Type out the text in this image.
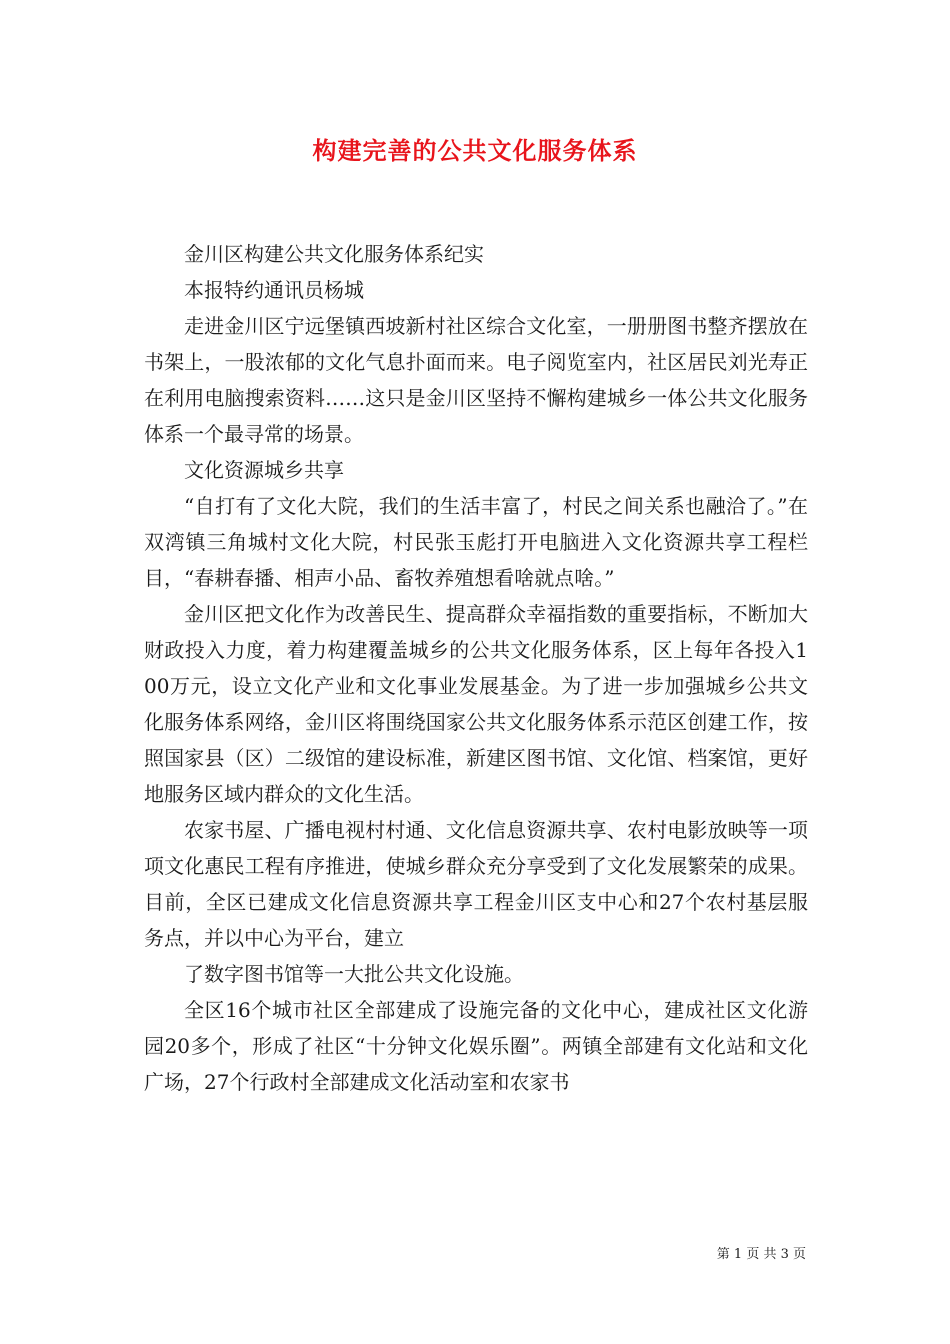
构建完善的公共文化服务体系

金川区构建公共文化服务体系纪实

本报特约通讯员杨城

走进金川区宁远堡镇西坡新村社区综合文化室，一册册图书整齐摆放在书架上，一股浓郁的文化气息扑面而来。电子阅览室内，社区居民刘光寿正在利用电脑搜索资料……这只是金川区坚持不懈构建城乡一体公共文化服务体系一个最寻常的场景。

文化资源城乡共享

“自打有了文化大院，我们的生活丰富了，村民之间关系也融洽了。”在双湾镇三角城村文化大院，村民张玉彪打开电脑进入文化资源共享工程栏目，“春耕春播、相声小品、畜牧养殖想看啥就点啥。”

金川区把文化作为改善民生、提高群众幸福指数的重要指标，不断加大财政投入力度，着力构建覆盖城乡的公共文化服务体系，区上每年各投入100万元，设立文化产业和文化事业发展基金。为了进一步加强城乡公共文化服务体系网络，金川区将围绕国家公共文化服务体系示范区创建工作，按照国家县（区）二级馆的建设标准，新建区图书馆、文化馆、档案馆，更好地服务区域内群众的文化生活。

农家书屋、广播电视村村通、文化信息资源共享、农村电影放映等一项项文化惠民工程有序推进，使城乡群众充分享受到了文化发展繁荣的成果。目前，全区已建成文化信息资源共享工程金川区支中心和27个农村基层服务点，并以中心为平台，建立

了数字图书馆等一大批公共文化设施。

全区16个城市社区全部建成了设施完备的文化中心，建成社区文化游园20多个，形成了社区“十分钟文化娱乐圈”。两镇全部建有文化站和文化广场，27个行政村全部建成文化活动室和农家书

第 1 页 共 3 页
